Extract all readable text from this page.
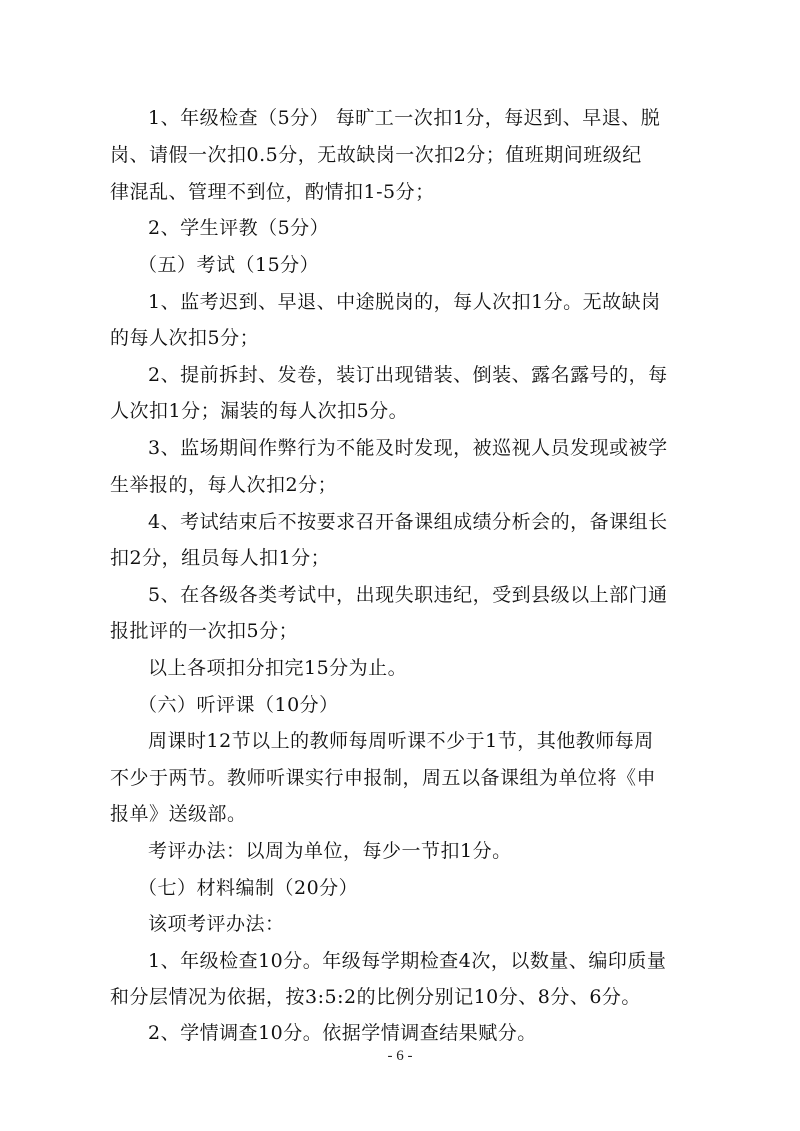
1、年级检查（5分） 每旷工一次扣1分，每迟到、早退、脱
岗、请假一次扣0.5分，无故缺岗一次扣2分；值班期间班级纪
律混乱、管理不到位，酌情扣1-5分；
2、学生评教（5分）
（五）考试（15分）
1、监考迟到、早退、中途脱岗的，每人次扣1分。无故缺岗
的每人次扣5分；
2、提前拆封、发卷，装订出现错装、倒装、露名露号的，每
人次扣1分；漏装的每人次扣5分。
3、监场期间作弊行为不能及时发现，被巡视人员发现或被学
生举报的，每人次扣2分；
4、考试结束后不按要求召开备课组成绩分析会的，备课组长
扣2分，组员每人扣1分；
5、在各级各类考试中，出现失职违纪，受到县级以上部门通
报批评的一次扣5分；
以上各项扣分扣完15分为止。
（六）听评课（10分）
周课时12节以上的教师每周听课不少于1节，其他教师每周
不少于两节。教师听课实行申报制，周五以备课组为单位将《申
报单》送级部。
考评办法：以周为单位，每少一节扣1分。
（七）材料编制（20分）
该项考评办法：
1、年级检查10分。年级每学期检查4次，以数量、编印质量
和分层情况为依据，按3:5:2的比例分别记10分、8分、6分。
2、学情调查10分。依据学情调查结果赋分。
- 6 -
